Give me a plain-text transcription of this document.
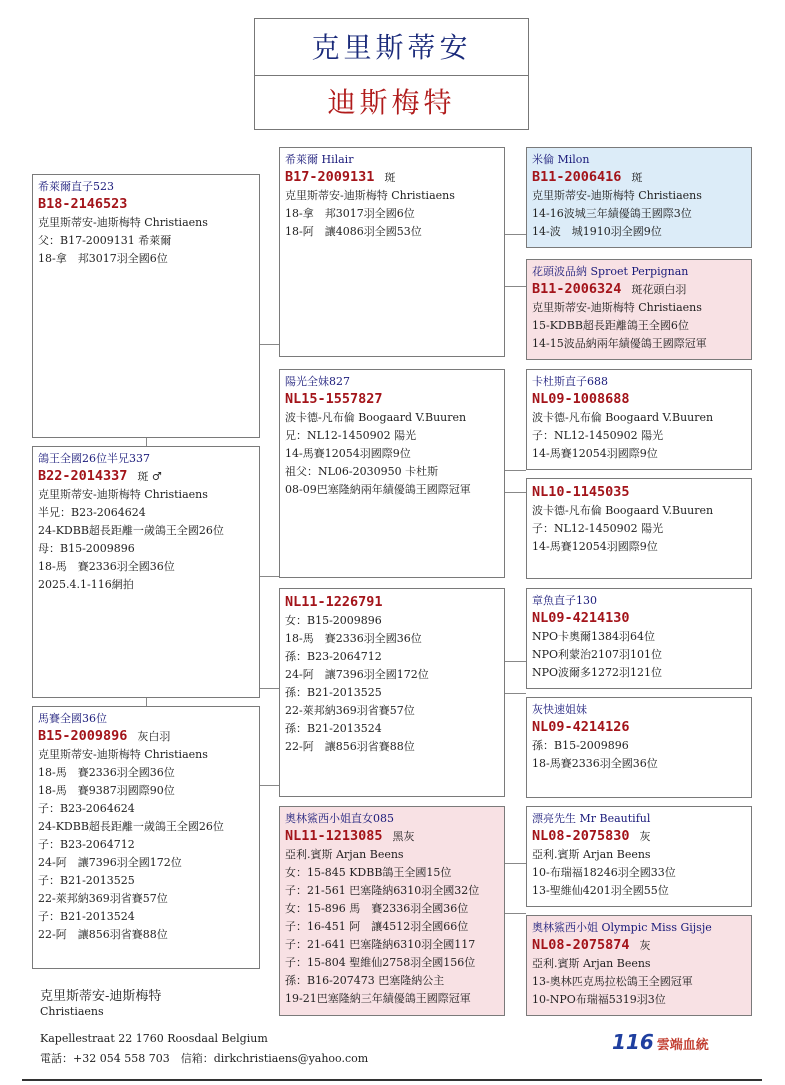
克里斯蒂安
迪斯梅特
希萊爾直子523
B18-2146523
克里斯蒂安-迪斯梅特 Christiaens
父：B17-2009131 希萊爾
18-拿　邦3017羽全國6位
鴿王全國26位半兄337
B22-2014337 斑 ♂
克里斯蒂安-迪斯梅特 Christiaens
半兄：B23-2064624
24-KDBB超長距離一歲鴿王全國26位
母：B15-2009896
18-馬　賽2336羽全國36位
2025.4.1-116網拍
馬賽全國36位
B15-2009896 灰白羽
克里斯蒂安-迪斯梅特 Christiaens
18-馬　賽2336羽全國36位
18-馬　賽9387羽國際90位
子：B23-2064624
24-KDBB超長距離一歲鴿王全國26位
子：B23-2064712
24-阿　讓7396羽全國172位
子：B21-2013525
22-萊邦納369羽省賽57位
子：B21-2013524
22-阿　讓856羽省賽88位
希萊爾 Hilair
B17-2009131 斑
克里斯蒂安-迪斯梅特 Christiaens
18-拿　邦3017羽全國6位
18-阿　讓4086羽全國53位
陽光全妹827
NL15-1557827
波卡德-凡布倫 Boogaard V.Buuren
兄：NL12-1450902 陽光
14-馬賽12054羽國際9位
祖父：NL06-2030950 卡杜斯
08-09巴塞隆納兩年績優鴿王國際冠軍
NL11-1226791
女：B15-2009896
18-馬　賽2336羽全國36位
孫：B23-2064712
24-阿　讓7396羽全國172位
孫：B21-2013525
22-萊邦納369羽省賽57位
孫：B21-2013524
22-阿　讓856羽省賽88位
奧林鯊西小姐直女085
NL11-1213085 黑灰
亞利.賓斯 Arjan Beens
女：15-845 KDBB鴿王全國15位
子：21-561 巴塞隆納6310羽全國32位
女：15-896 馬　賽2336羽全國36位
子：16-451 阿　讓4512羽全國66位
子：21-641 巴塞隆納6310羽全國117
子：15-804 聖維仙2758羽全國156位
孫：B16-207473 巴塞隆納公主
19-21巴塞隆納三年績優鴿王國際冠軍
米倫 Milon
B11-2006416 斑
克里斯蒂安-迪斯梅特 Christiaens
14-16波城三年績優鴿王國際3位
14-波　城1910羽全國9位
花頭波品納 Sproet Perpignan
B11-2006324 斑花頭白羽
克里斯蒂安-迪斯梅特 Christiaens
15-KDBB超長距離鴿王全國6位
14-15波品納兩年績優鴿王國際冠軍
卡杜斯直子688
NL09-1008688
波卡德-凡布倫 Boogaard V.Buuren
子：NL12-1450902 陽光
14-馬賽12054羽國際9位
NL10-1145035
波卡德-凡布倫 Boogaard V.Buuren
子：NL12-1450902 陽光
14-馬賽12054羽國際9位
章魚直子130
NL09-4214130
NPO卡奧爾1384羽64位
NPO利蒙治2107羽101位
NPO波爾多1272羽121位
灰快速姐妹
NL09-4214126
孫：B15-2009896
18-馬賽2336羽全國36位
漂亮先生 Mr Beautiful
NL08-2075830 灰
亞利.賓斯 Arjan Beens
10-布瑞福18246羽全國33位
13-聖維仙4201羽全國55位
奧林鯊西小姐 Olympic Miss Gijsje
NL08-2075874 灰
亞利.賓斯 Arjan Beens
13-奧林匹克馬拉松鴿王全國冠軍
10-NPO布瑞福5319羽3位
克里斯蒂安-迪斯梅特
Christiaens
Kapellestraat 22 1760 Roosdaal Belgium
電話：+32 054 558 703　信箱：dirkchristiaens@yahoo.com
116 雲端血統
